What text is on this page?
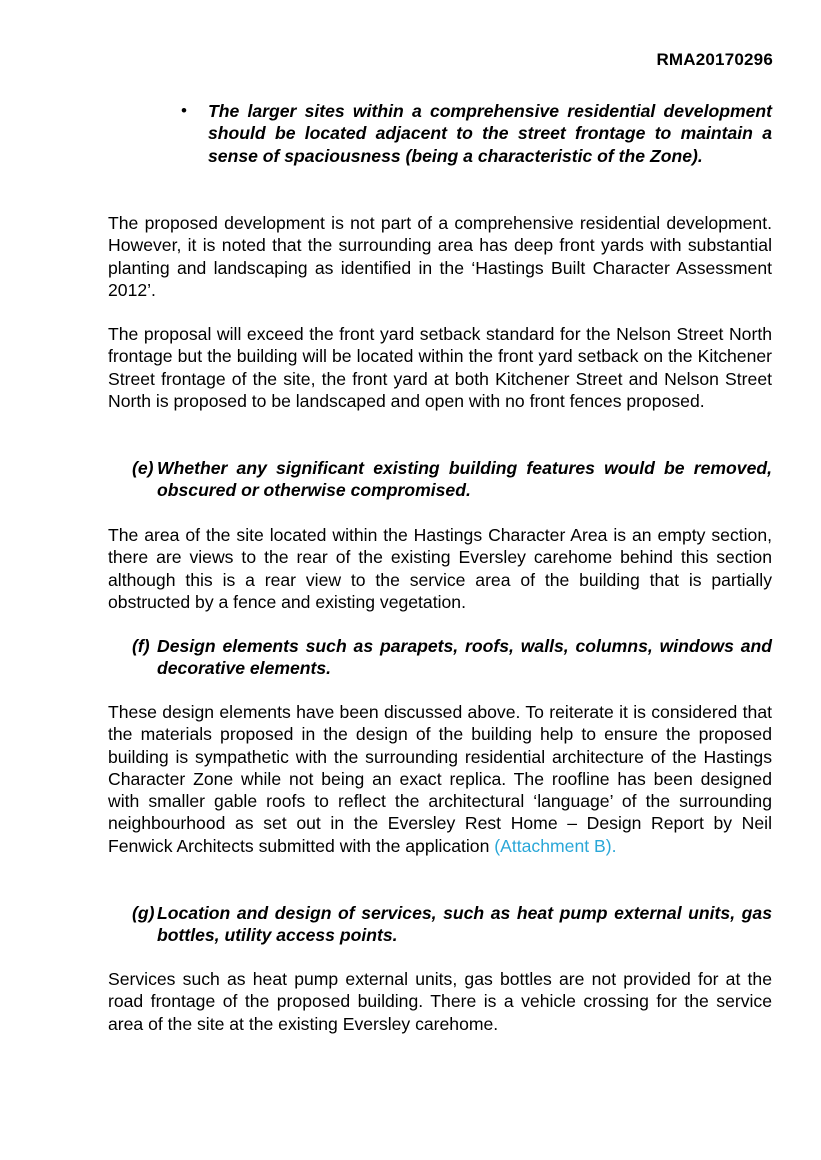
RMA20170296
• The larger sites within a comprehensive residential development should be located adjacent to the street frontage to maintain a sense of spaciousness (being a characteristic of the Zone).

The proposed development is not part of a comprehensive residential development. However, it is noted that the surrounding area has deep front yards with substantial planting and landscaping as identified in the ‘Hastings Built Character Assessment 2012’.

The proposal will exceed the front yard setback standard for the Nelson Street North frontage but the building will be located within the front yard setback on the Kitchener Street frontage of the site, the front yard at both Kitchener Street and Nelson Street North is proposed to be landscaped and open with no front fences proposed.

(e) Whether any significant existing building features would be removed, obscured or otherwise compromised.

The area of the site located within the Hastings Character Area is an empty section, there are views to the rear of the existing Eversley carehome behind this section although this is a rear view to the service area of the building that is partially obstructed by a fence and existing vegetation.

(f) Design elements such as parapets, roofs, walls, columns, windows and decorative elements.

These design elements have been discussed above. To reiterate it is considered that the materials proposed in the design of the building help to ensure the proposed building is sympathetic with the surrounding residential architecture of the Hastings Character Zone while not being an exact replica. The roofline has been designed with smaller gable roofs to reflect the architectural ‘language’ of the surrounding neighbourhood as set out in the Eversley Rest Home – Design Report by Neil Fenwick Architects submitted with the application (Attachment B).

(g) Location and design of services, such as heat pump external units, gas bottles, utility access points.

Services such as heat pump external units, gas bottles are not provided for at the road frontage of the proposed building. There is a vehicle crossing for the service area of the site at the existing Eversley carehome.
